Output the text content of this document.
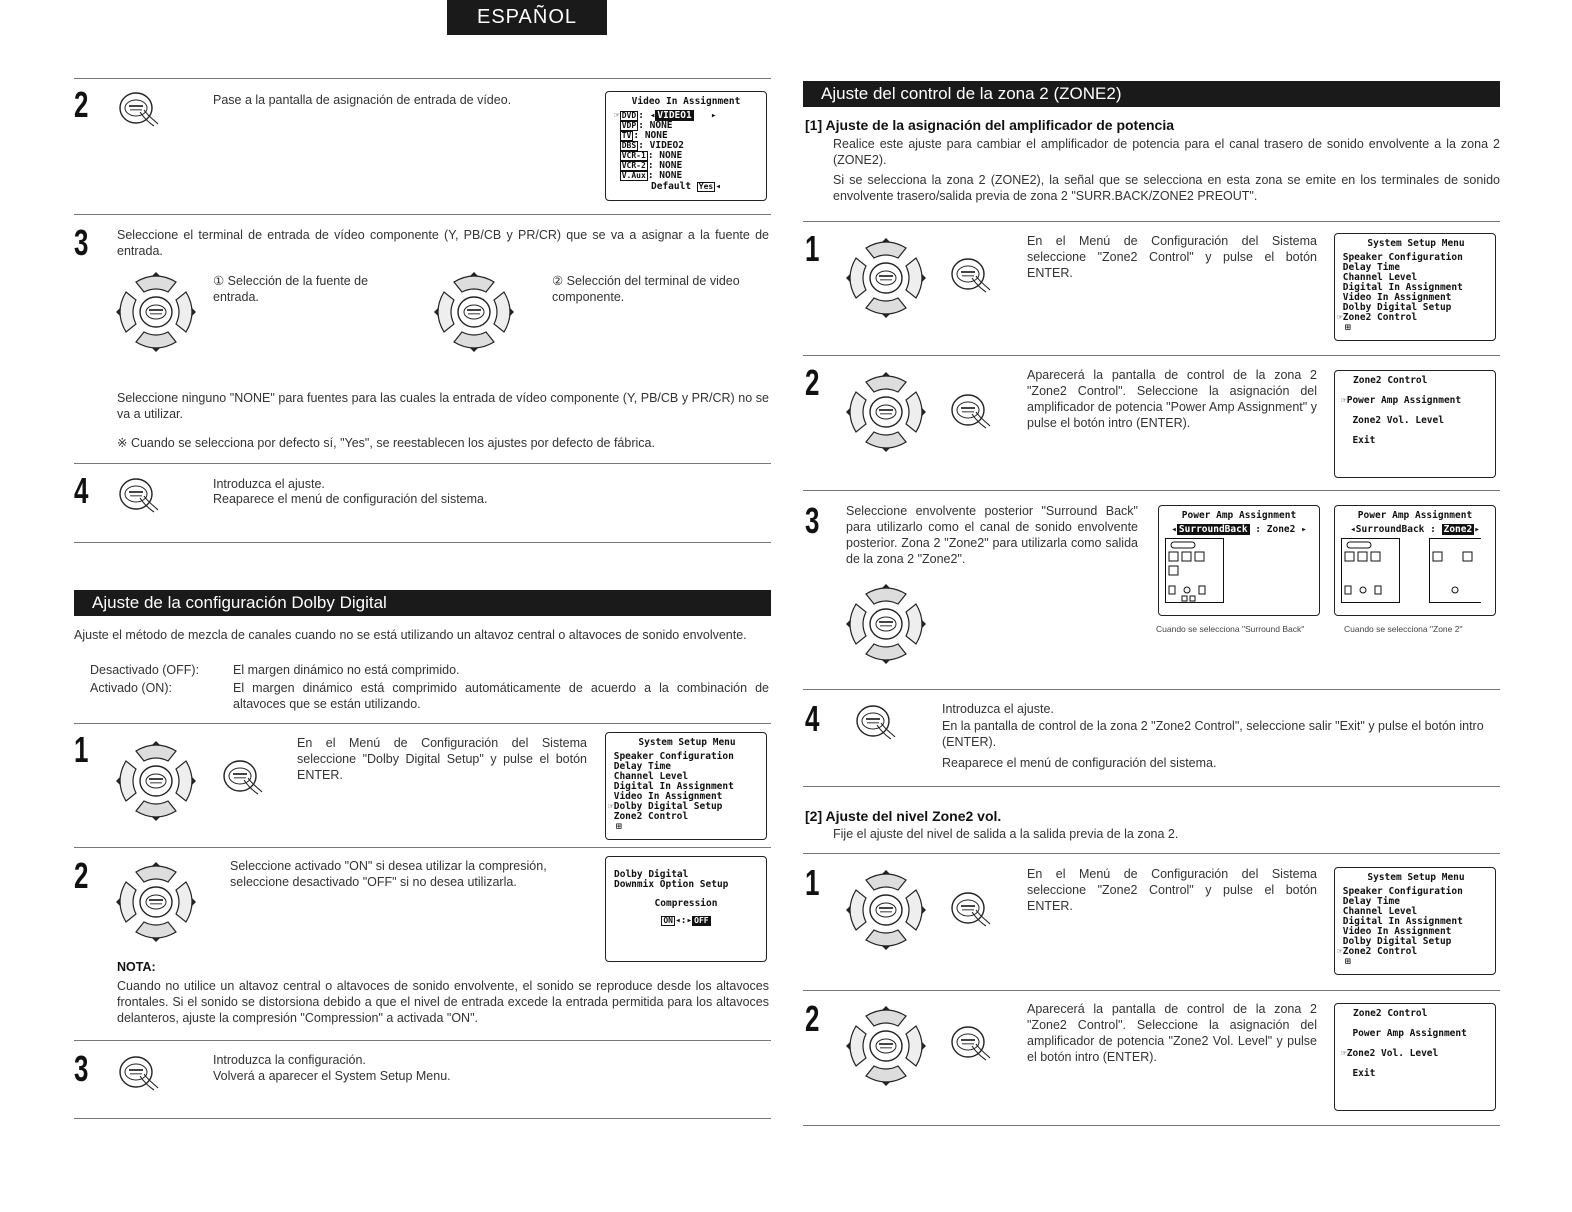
ESPAÑOL
2	Pase a la pantalla de asignación de entrada de vídeo.	Video In Assignment
☞ DVD : ◂ VIDEO1   ▸
VDP : NONE
TV : NONE
DBS : VIDEO2
VCR-1 : NONE
VCR-2 : NONE
V.Aux : NONE
Default Yes ◂
3 Seleccione el terminal de entrada de vídeo componente (Y, PB/CB y PR/CR) que se va a asignar a la fuente de entrada.
① Selección de la fuente de entrada.
② Selección del terminal de video componente.
Seleccione ninguno "NONE" para fuentes para las cuales la entrada de vídeo componente (Y, PB/CB y PR/CR) no se va a utilizar.
※ Cuando se selecciona por defecto sí, "Yes", se reestablecen los ajustes por defecto de fábrica.
4	Introduzca el ajuste.
Reaparece el menú de configuración del sistema.
Ajuste de la configuración Dolby Digital
Ajuste el método de mezcla de canales cuando no se está utilizando un altavoz central o altavoces de sonido envolvente.
Desactivado (OFF):	El margen dinámico no está comprimido.
Activado (ON):	El margen dinámico está comprimido automáticamente de acuerdo a la combinación de altavoces que se están utilizando.
1	En el Menú de Configuración del Sistema seleccione "Dolby Digital Setup" y pulse el botón ENTER.
System Setup Menu
Speaker Configuration
Delay Time
Channel Level
Digital In Assignment
Video In Assignment
☞Dolby Digital Setup
Zone2 Control
⊞
2	Seleccione activado "ON" si desea utilizar la compresión, seleccione desactivado "OFF" si no desea utilizarla.
Dolby Digital
Downmix Option Setup
Compression
ON ◂:▸ OFF
NOTA:
Cuando no utilice un altavoz central o altavoces de sonido envolvente, el sonido se reproduce desde los altavoces frontales. Si el sonido se distorsiona debido a que el nivel de entrada excede la entrada permitida para los altavoces delanteros, ajuste la compresión "Compression" a activada "ON".
3	Introduzca la configuración.
Volverá a aparecer el System Setup Menu.
Ajuste del control de la zona 2 (ZONE2)
[1] Ajuste de la asignación del amplificador de potencia
Realice este ajuste para cambiar el amplificador de potencia para el canal trasero de sonido envolvente a la zona 2 (ZONE2).
Si se selecciona la zona 2 (ZONE2), la señal que se selecciona en esta zona se emite en los terminales de sonido envolvente trasero/salida previa de zona 2 "SURR.BACK/ZONE2 PREOUT".
1	En el Menú de Configuración del Sistema seleccione "Zone2 Control" y pulse el botón ENTER.
System Setup Menu
Speaker Configuration
Delay Time
Channel Level
Digital In Assignment
Video In Assignment
Dolby Digital Setup
☞Zone2 Control
⊞
2	Aparecerá la pantalla de control de la zona 2 "Zone2 Control". Seleccione la asignación del amplificador de potencia "Power Amp Assignment" y pulse el botón intro (ENTER).
Zone2 Control
☞Power Amp Assignment
Zone2 Vol. Level
Exit
3 Seleccione envolvente posterior "Surround Back" para utilizarlo como el canal de sonido envolvente posterior. Zona 2 "Zone2" para utilizarla como salida de la zona 2 "Zone2".
Power Amp Assignment
◂ SurroundBack : Zone2 ▸
Cuando se selecciona "Surround Back"
Power Amp Assignment
◂SurroundBack : Zone2 ▸
Cuando se selecciona "Zone 2"
4	Introduzca el ajuste.
En la pantalla de control de la zona 2 "Zone2 Control", seleccione salir "Exit" y pulse el botón intro (ENTER).
Reaparece el menú de configuración del sistema.
[2] Ajuste del nivel Zone2 vol.
Fije el ajuste del nivel de salida a la salida previa de la zona 2.
1	En el Menú de Configuración del Sistema seleccione "Zone2 Control" y pulse el botón ENTER.
System Setup Menu
Speaker Configuration
Delay Time
Channel Level
Digital In Assignment
Video In Assignment
Dolby Digital Setup
☞Zone2 Control
⊞
2	Aparecerá la pantalla de control de la zona 2 "Zone2 Control". Seleccione la asignación del amplificador de potencia "Zone2 Vol. Level" y pulse el botón intro (ENTER).
Zone2 Control
Power Amp Assignment
☞Zone2 Vol. Level
Exit
